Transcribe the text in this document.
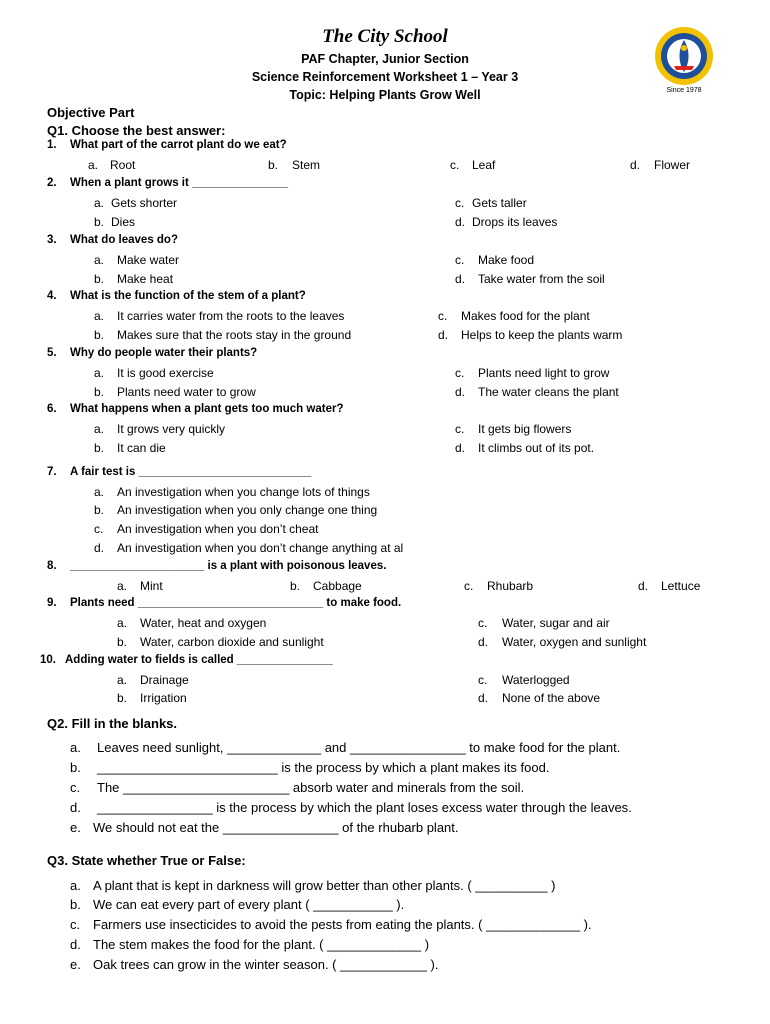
The City School
PAF Chapter, Junior Section
Science Reinforcement Worksheet 1 – Year 3
Topic: Helping Plants Grow Well	Since 1978
Objective Part
Q1. Choose the best answer:
1. What part of the carrot plant do we eat?
a. Root	b. Stem	c. Leaf	d. Flower
2. When a plant grows it _______________
a. Gets shorter	c. Gets taller
b. Dies	d. Drops its leaves
3. What do leaves do?
a. Make water	c. Make food
b. Make heat	d. Take water from the soil
4. What is the function of the stem of a plant?
a. It carries water from the roots to the leaves	c. Makes food for the plant
b. Makes sure that the roots stay in the ground	d. Helps to keep the plants warm
5. Why do people water their plants?
a. It is good exercise	c. Plants need light to grow
b. Plants need water to grow	d. The water cleans the plant
6. What happens when a plant gets too much water?
a. It grows very quickly	c. It gets big flowers
b. It can die	d. It climbs out of its pot.
7. A fair test is ___________________________
a. An investigation when you change lots of things
b. An investigation when you only change one thing
c. An investigation when you don’t cheat
d. An investigation when you don’t change anything at al
8. _____________________ is a plant with poisonous leaves.
a. Mint	b. Cabbage	c. Rhubarb	d. Lettuce
9. Plants need _____________________________ to make food.
a. Water, heat and oxygen	c. Water, sugar and air
b. Water, carbon dioxide and sunlight	d. Water, oxygen and sunlight
10. Adding water to fields is called _______________
a. Drainage	c. Waterlogged
b. Irrigation	d. None of the above
Q2. Fill in the blanks.
a. Leaves need sunlight, _____________ and ________________ to make food for the plant.
b. _________________________ is the process by which a plant makes its food.
c. The _______________________ absorb water and minerals from the soil.
d. ________________ is the process by which the plant loses excess water through the leaves.
e. We should not eat the ________________ of the rhubarb plant.
Q3. State whether True or False:
a. A plant that is kept in darkness will grow better than other plants. ( __________ )
b. We can eat every part of every plant ( ___________ ).
c. Farmers use insecticides to avoid the pests from eating the plants. ( _____________ ).
d. The stem makes the food for the plant. ( _____________ )
e. Oak trees can grow in the winter season. ( ____________ ).
